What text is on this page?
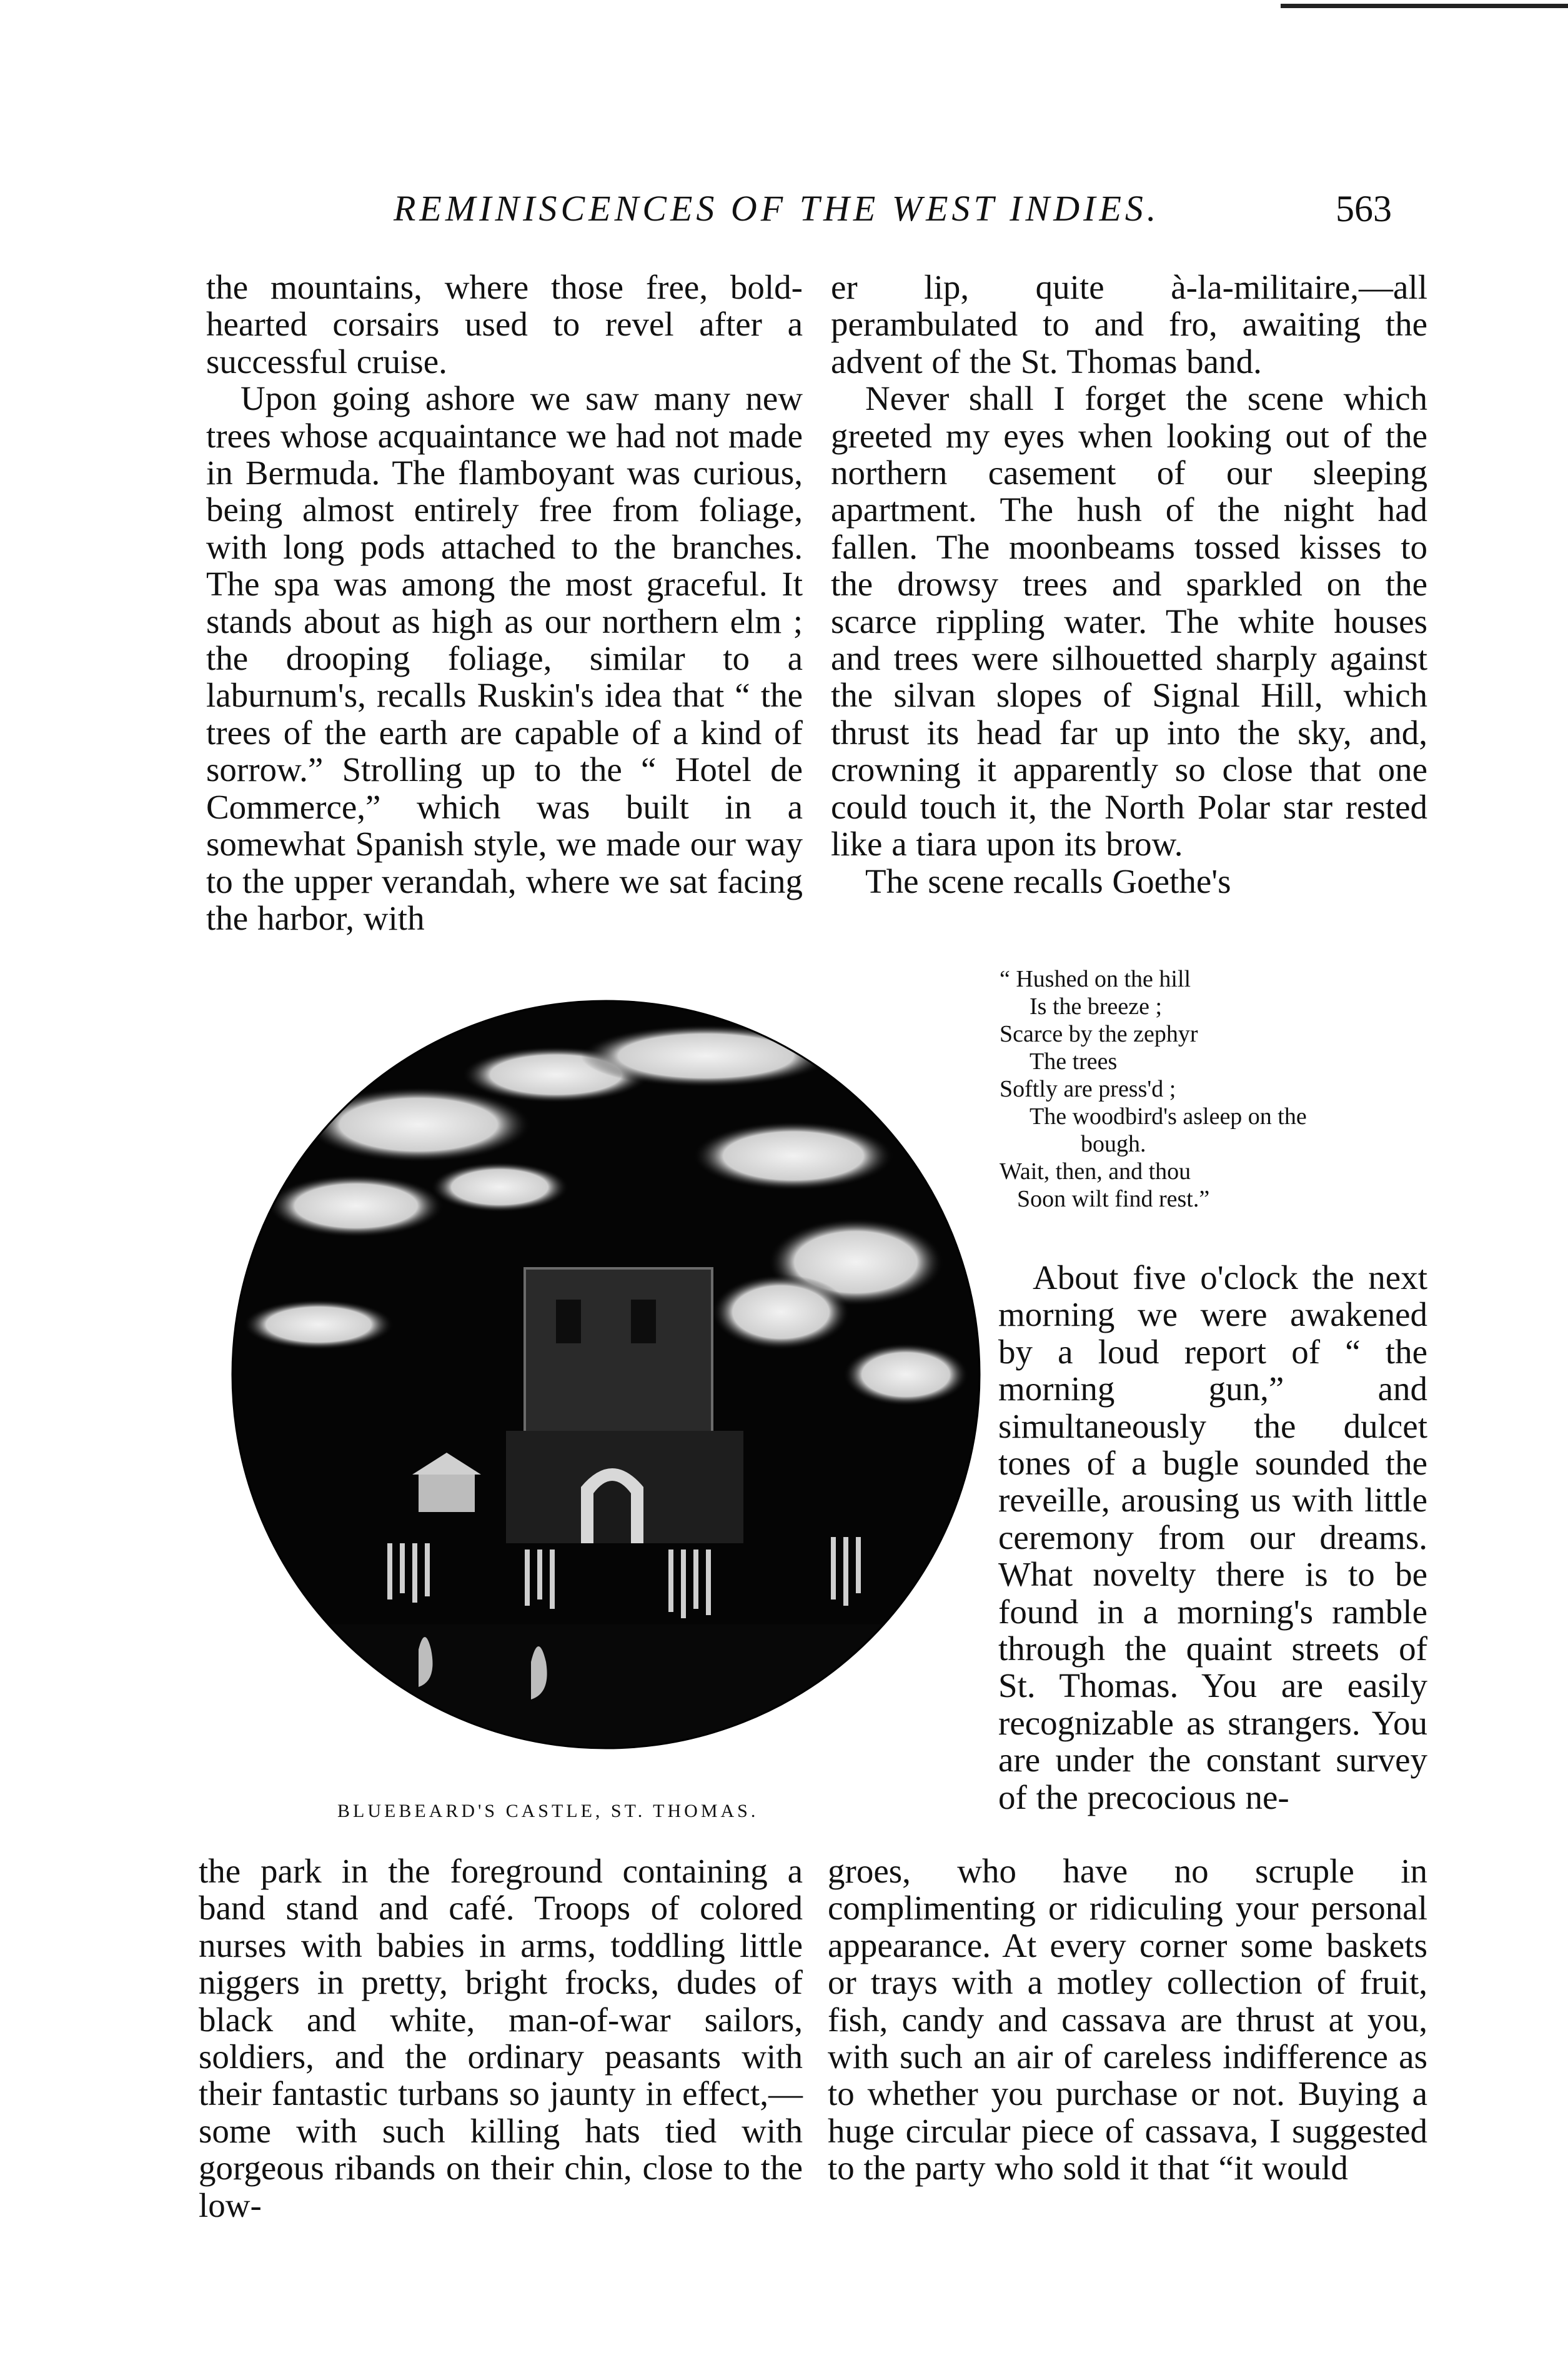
REMINISCENCES OF THE WEST INDIES.	563

the mountains, where those free, bold-hearted corsairs used to revel after a successful cruise.

Upon going ashore we saw many new trees whose acquaintance we had not made in Bermuda. The flamboyant was curious, being almost entirely free from foliage, with long pods attached to the branches. The spa was among the most graceful. It stands about as high as our northern elm ; the drooping foliage, similar to a laburnum's, recalls Ruskin's idea that “ the trees of the earth are capable of a kind of sorrow.” Strolling up to the “ Hotel de Commerce,” which was built in a somewhat Spanish style, we made our way to the upper verandah, where we sat facing the harbor, with

er lip, quite à-la-militaire,—all perambulated to and fro, awaiting the advent of the St. Thomas band.

Never shall I forget the scene which greeted my eyes when looking out of the northern casement of our sleeping apartment. The hush of the night had fallen. The moonbeams tossed kisses to the drowsy trees and sparkled on the scarce rippling water. The white houses and trees were silhouetted sharply against the silvan slopes of Signal Hill, which thrust its head far up into the sky, and, crowning it apparently so close that one could touch it, the North Polar star rested like a tiara upon its brow.

The scene recalls Goethe's

“ Hushed on the hill
Is the breeze ;
Scarce by the zephyr
The trees
Softly are press'd ;
The woodbird's asleep on the
bough.
Wait, then, and thou
Soon wilt find rest.”
BLUEBEARD'S CASTLE, ST. THOMAS.

About five o'clock the next morning we were awakened by a loud report of “ the morning gun,” and simultaneously the dulcet tones of a bugle sounded the reveille, arousing us with little ceremony from our dreams. What novelty there is to be found in a morning's ramble through the quaint streets of St. Thomas. You are easily recognizable as strangers. You are under the constant survey of the precocious ne-

the park in the foreground containing a band stand and café. Troops of colored nurses with babies in arms, toddling little niggers in pretty, bright frocks, dudes of black and white, man-of-war sailors, soldiers, and the ordinary peasants with their fantastic turbans so jaunty in effect,—some with such killing hats tied with gorgeous ribands on their chin, close to the low-

groes, who have no scruple in complimenting or ridiculing your personal appearance. At every corner some baskets or trays with a motley collection of fruit, fish, candy and cassava are thrust at you, with such an air of careless indifference as to whether you purchase or not. Buying a huge circular piece of cassava, I suggested to the party who sold it that “it would
